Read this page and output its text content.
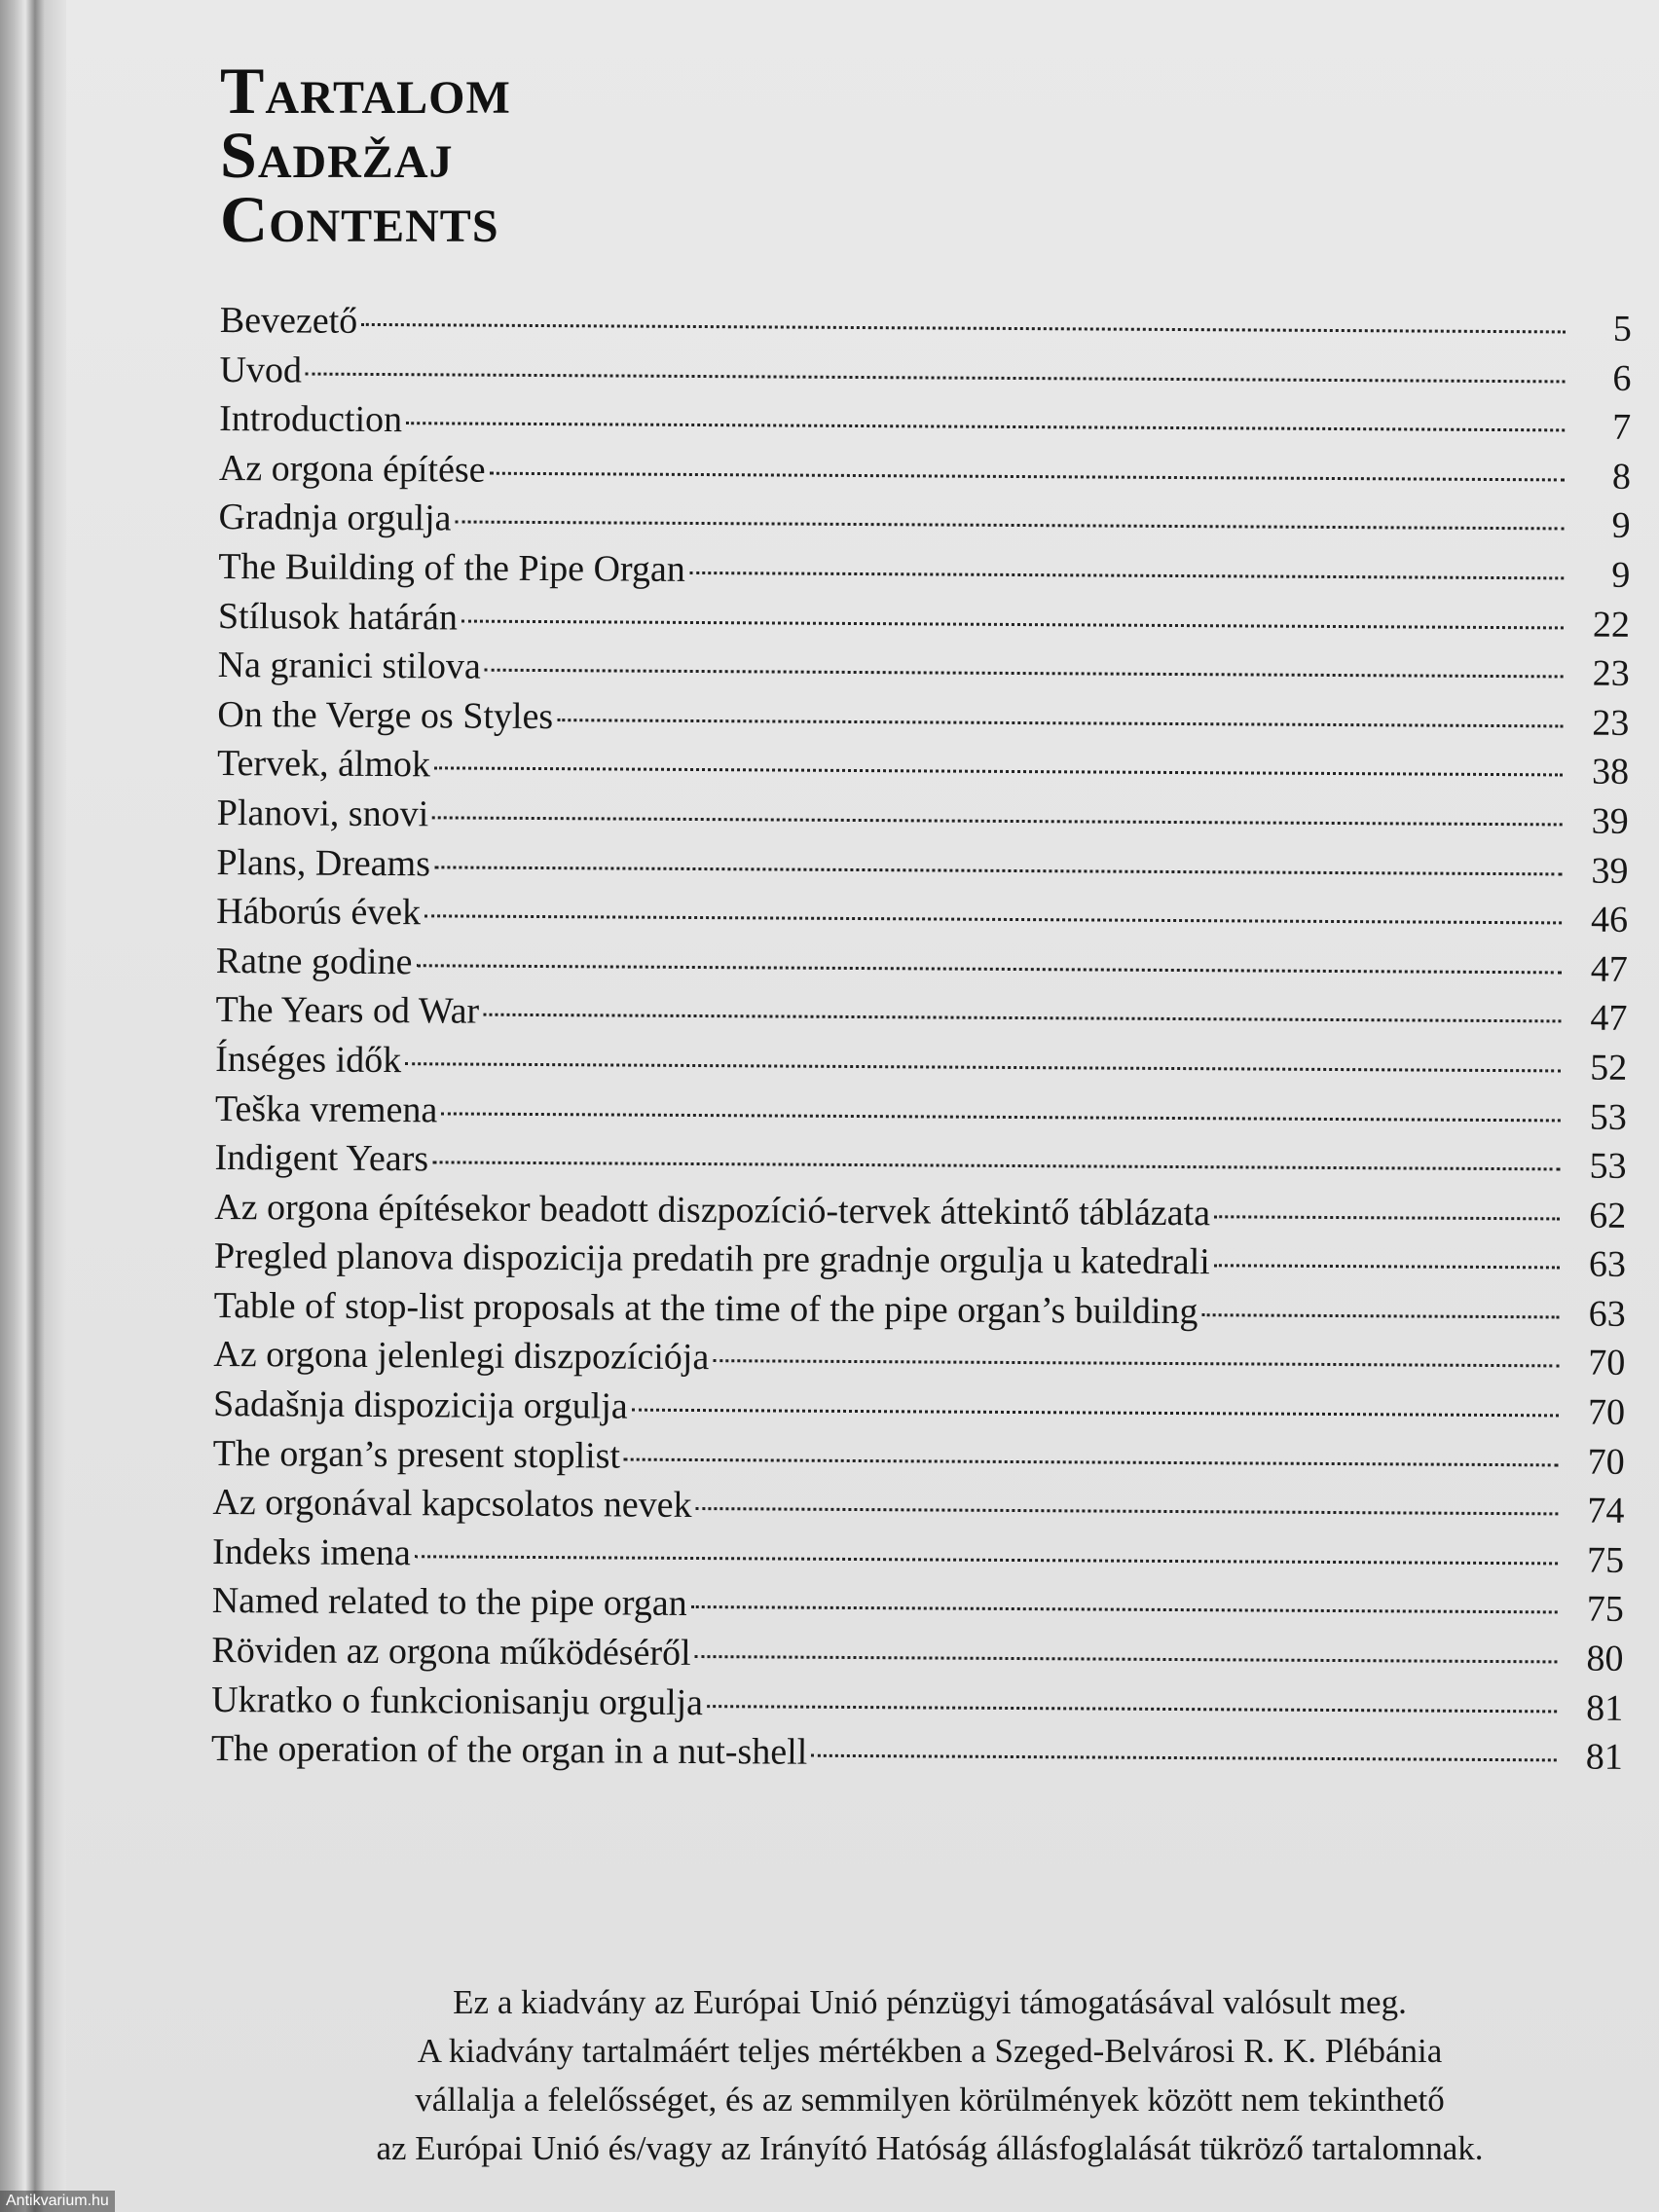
Tartalom
Sadržaj
Contents
Bevezető	5
Uvod	6
Introduction	7
Az orgona építése	8
Gradnja orgulja	9
The Building of the Pipe Organ	9
Stílusok határán	22
Na granici stilova	23
On the Verge os Styles	23
Tervek, álmok	38
Planovi, snovi	39
Plans, Dreams	39
Háborús évek	46
Ratne godine	47
The Years od War	47
Ínséges idők	52
Teška vremena	53
Indigent Years	53
Az orgona építésekor beadott diszpozíció-tervek áttekintő táblázata	62
Pregled planova dispozicija predatih pre gradnje orgulja u katedrali	63
Table of stop-list proposals at the time of the pipe organ’s building	63
Az orgona jelenlegi diszpozíciója	70
Sadašnja dispozicija orgulja	70
The organ’s present stoplist	70
Az orgonával kapcsolatos nevek	74
Indeks imena	75
Named related to the pipe organ	75
Röviden az orgona működéséről	80
Ukratko o funkcionisanju orgulja	81
The operation of the organ in a nut-shell	81
Ez a kiadvány az Európai Unió pénzügyi támogatásával valósult meg.
A kiadvány tartalmáért teljes mértékben a Szeged-Belvárosi R. K. Plébánia
vállalja a felelősséget, és az semmilyen körülmények között nem tekinthető
az Európai Unió és/vagy az Irányító Hatóság állásfoglalását tükröző tartalomnak.
Antikvarium.hu
